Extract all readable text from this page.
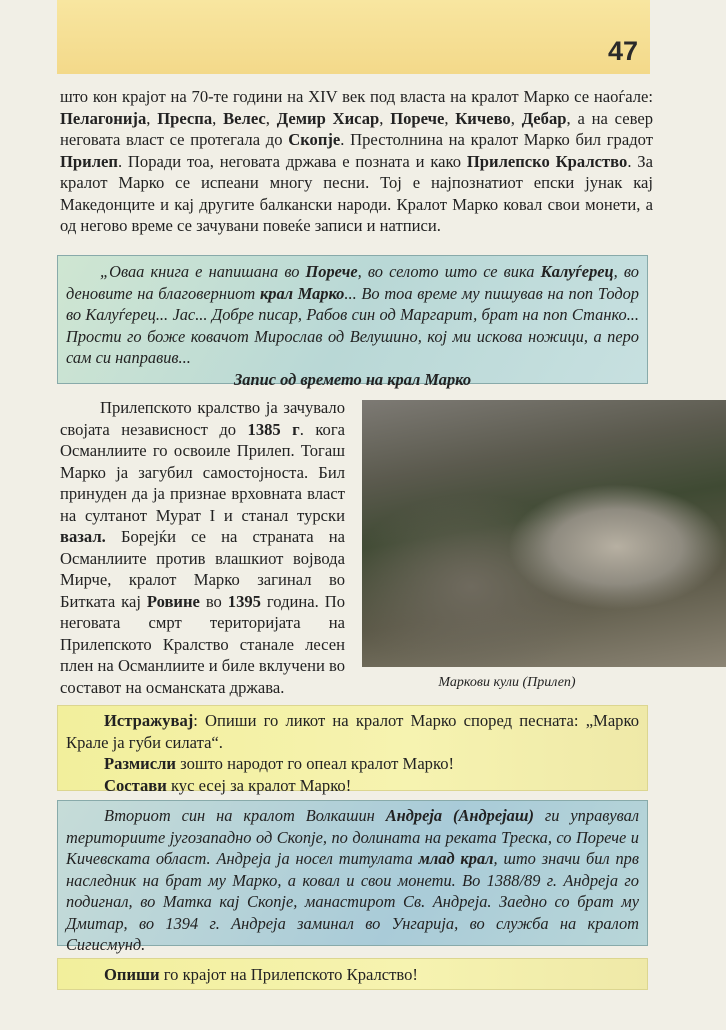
47
што кон крајот на 70-те години на XIV век под власта на кралот Марко се наоѓале: Пелагонија, Преспа, Велес, Демир Хисар, Порече, Кичево, Дебар, а на север неговата власт се протегала до Скопје. Престолнина на кралот Марко бил градот Прилеп. Поради тоа, неговата држава е позната и како Прилепско Кралство. За кралот Марко се испеани многу песни. Тој е најпознатиот епски јунак кај Македонците и кај другите балкански народи. Кралот Марко ковал свои монети, а од негово време се зачувани повеќе записи и натписи.
„Оваа книга е напишана во Порече, во селото што се вика Калуѓерец, во деновите на благоверниот крал Марко... Во тоа време му пишував на поп Тодор во Калуѓерец... Јас... Добре писар, Рабов син од Маргарит, брат на поп Станко... Прости го боже ковачот Мирослав од Велушино, кој ми искова ножици, а перо сам си направив...
Запис од времето на крал Марко
Прилепското кралство ја зачувало својата независност до 1385 г. кога Османлиите го освоиле Прилеп. Тогаш Марко ја загубил самостојноста. Бил принуден да ја признае врховната власт на султанот Мурат I и станал турски вазал. Борејќи се на страната на Османлиите против влашкиот војвода Мирче, кралот Марко загинал во Битката кај Ровине во 1395 година. По неговата смрт територијата на Прилепското Кралство станале лесен плен на Османлиите и биле вклучени во составот на османската држава.	Маркови кули (Прилеп)

Истражувај: Опиши го ликот на кралот Марко според песната: „Марко Крале ја губи силата“.

Размисли зошто народот го опеал кралот Марко!

Состави кус есеј за кралот Марко!

Вториот син на кралот Волкашин Андреја (Андрејаш) ги управувал териториите југозападно од Скопје, по долината на реката Треска, со Порече и Кичевската област. Андреја ја носел титулата млад крал, што значи бил прв наследник на брат му Марко, а ковал и свои монети. Во 1388/89 г. Андреја го подигнал, во Матка кај Скопје, манастирот Св. Андреја. Заедно со брат му Дмитар, во 1394 г. Андреја заминал во Унгарија, во служба на кралот Сигисмунд.
Опиши го крајот на Прилепското Кралство!
